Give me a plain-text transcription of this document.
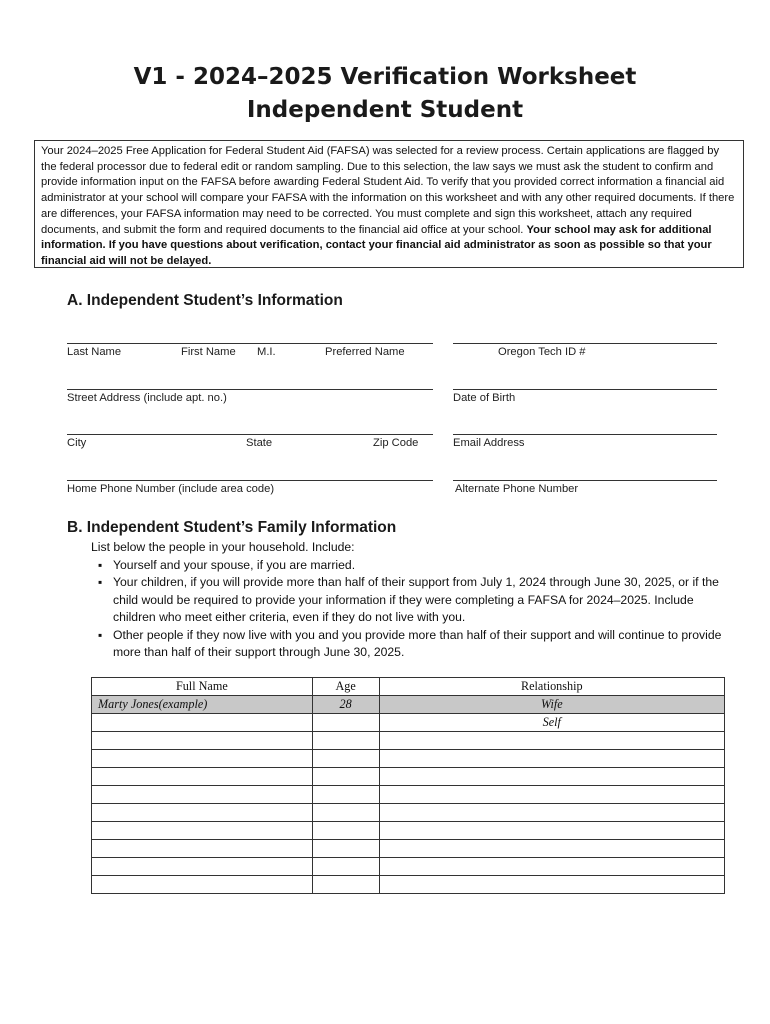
V1 - 2024–2025 Verification Worksheet
Independent Student
Your 2024–2025 Free Application for Federal Student Aid (FAFSA) was selected for a review process. Certain applications are flagged by the federal processor due to federal edit or random sampling. Due to this selection, the law says we must ask the student to confirm and provide information input on the FAFSA before awarding Federal Student Aid. To verify that you provided correct information a financial aid administrator at your school will compare your FAFSA with the information on this worksheet and with any other required documents. If there are differences, your FAFSA information may need to be corrected. You must complete and sign this worksheet, attach any required documents, and submit the form and required documents to the financial aid office at your school. Your school may ask for additional information. If you have questions about verification, contact your financial aid administrator as soon as possible so that your financial aid will not be delayed.
A. Independent Student’s Information
Last Name	First Name M.I.	Preferred Name	Oregon Tech ID #
Street Address (include apt. no.)	Date of Birth
City	State	Zip Code	Email Address
Home Phone Number (include area code)	Alternate Phone Number
B. Independent Student’s Family Information
List below the people in your household. Include:
▪ Yourself and your spouse, if you are married.
▪ Your children, if you will provide more than half of their support from July 1, 2024 through June 30, 2025, or if the child would be required to provide your information if they were completing a FAFSA for 2024–2025. Include children who meet either criteria, even if they do not live with you.
▪ Other people if they now live with you and you provide more than half of their support and will continue to provide more than half of their support through June 30, 2025.
Full Name	Age	Relationship
Marty Jones(example)	28	Wife
		Self
